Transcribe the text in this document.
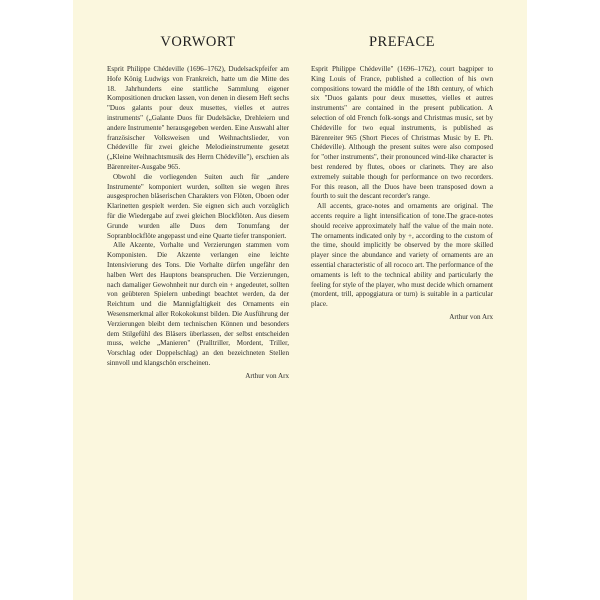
VORWORT

Esprit Philippe Chédeville (1696–1762), Dudelsackpfeifer am Hofe König Ludwigs von Frankreich, hatte um die Mitte des 18. Jahrhunderts eine stattliche Sammlung eigener Kompositionen drucken lassen, von denen in diesem Heft sechs "Duos galants pour deux musettes, vielles et autres instruments" („Galante Duos für Dudelsäcke, Drehleiern und andere Instrumente" herausgegeben werden. Eine Auswahl alter französischer Volksweisen und Weihnachtslieder, von Chédeville für zwei gleiche Melodieinstrumente gesetzt („Kleine Weihnachtsmusik des Herrn Chédeville"), erschien als Bärenreiter-Ausgabe 965.

Obwohl die vorliegenden Suiten auch für „andere Instrumente" komponiert wurden, sollten sie wegen ihres ausgesprochen bläserischen Charakters von Flöten, Oboen oder Klarinetten gespielt werden. Sie eignen sich auch vorzüglich für die Wiedergabe auf zwei gleichen Blockflöten. Aus diesem Grunde wurden alle Duos dem Tonumfang der Sopranblockflöte angepasst und eine Quarte tiefer transponiert.

Alle Akzente, Vorhalte und Verzierungen stammen vom Komponisten. Die Akzente verlangen eine leichte Intensivierung des Tons. Die Vorhalte dürfen ungefähr den halben Wert des Hauptons beanspruchen. Die Verzierungen, nach damaliger Gewohnheit nur durch ein + angedeutet, sollten von geübteren Spielern unbedingt beachtet werden, da der Reichtum und die Mannigfaltigkeit des Ornaments ein Wesensmerkmal aller Rokokokunst bilden. Die Ausführung der Verzierungen bleibt dem technischen Können und besonders dem Stilgefühl des Bläsers überlassen, der selbst entscheiden muss, welche „Manieren" (Pralltriller, Mordent, Triller, Vorschlag oder Doppelschlag) an den bezeichneten Stellen sinnvoll und klangschön erscheinen.

Arthur von Arx
PREFACE

Esprit Philippe Chédeville" (1696–1762), court bagpiper to King Louis of France, published a collection of his own compositions toward the middle of the 18th century, of which six "Duos galants pour deux musettes, vielles et autres instruments" are contained in the present publication. A selection of old French folk-songs and Christmas music, set by Chédeville for two equal instruments, is published as Bärenreiter 965 (Short Pieces of Christmas Music by E. Ph. Chédeville). Although the present suites were also composed for "other instruments", their pronounced wind-like character is best rendered by flutes, oboes or clarinets. They are also extremely suitable though for performance on two recorders. For this reason, all the Duos have been transposed down a fourth to suit the descant recorder's range.

All accents, grace-notes and ornaments are original. The accents require a light intensification of tone.The grace-notes should receive approximately half the value of the main note. The ornaments indicated only by +, according to the custom of the time, should implicitly be observed by the more skilled player since the abundance and variety of ornaments are an essential characteristic of all rococo art. The performance of the ornaments is left to the technical ability and particularly the feeling for style of the player, who must decide which ornament (mordent, trill, appoggiatura or turn) is suitable in a particular place.

Arthur von Arx
